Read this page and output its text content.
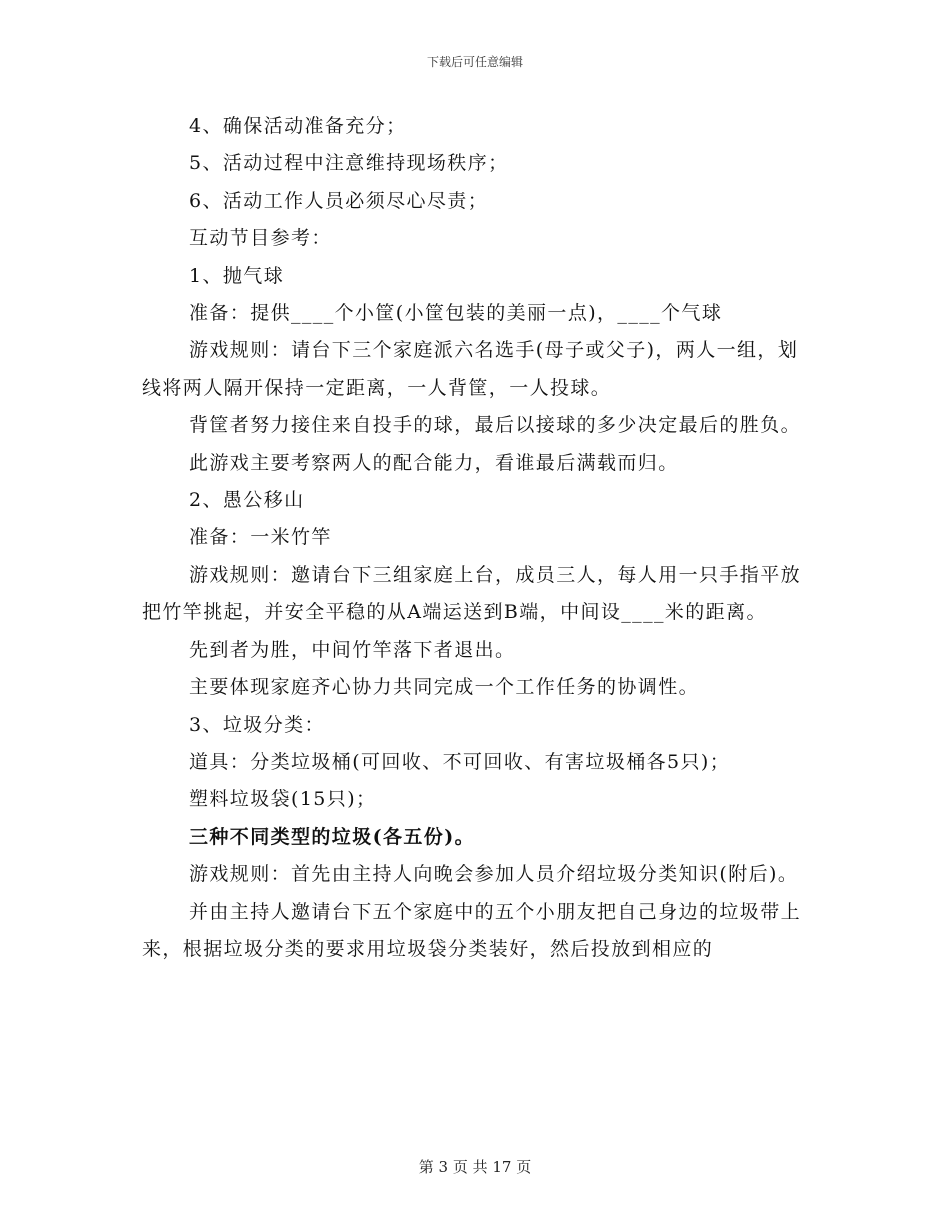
下载后可任意编辑

4、确保活动准备充分；

5、活动过程中注意维持现场秩序；

6、活动工作人员必须尽心尽责；

互动节目参考：

1、抛气球

准备：提供____个小筐(小筐包装的美丽一点)，____个气球

游戏规则：请台下三个家庭派六名选手(母子或父子)，两人一组，划线将两人隔开保持一定距离，一人背筐，一人投球。

背筐者努力接住来自投手的球，最后以接球的多少决定最后的胜负。

此游戏主要考察两人的配合能力，看谁最后满载而归。

2、愚公移山

准备：一米竹竿

游戏规则：邀请台下三组家庭上台，成员三人，每人用一只手指平放把竹竿挑起，并安全平稳的从A端运送到B端，中间设____米的距离。

先到者为胜，中间竹竿落下者退出。

主要体现家庭齐心协力共同完成一个工作任务的协调性。

3、垃圾分类：

道具：分类垃圾桶(可回收、不可回收、有害垃圾桶各5只)；

塑料垃圾袋(15只)；

三种不同类型的垃圾(各五份)。

游戏规则：首先由主持人向晚会参加人员介绍垃圾分类知识(附后)。

并由主持人邀请台下五个家庭中的五个小朋友把自己身边的垃圾带上来，根据垃圾分类的要求用垃圾袋分类装好，然后投放到相应的

第 3 页 共 17 页
